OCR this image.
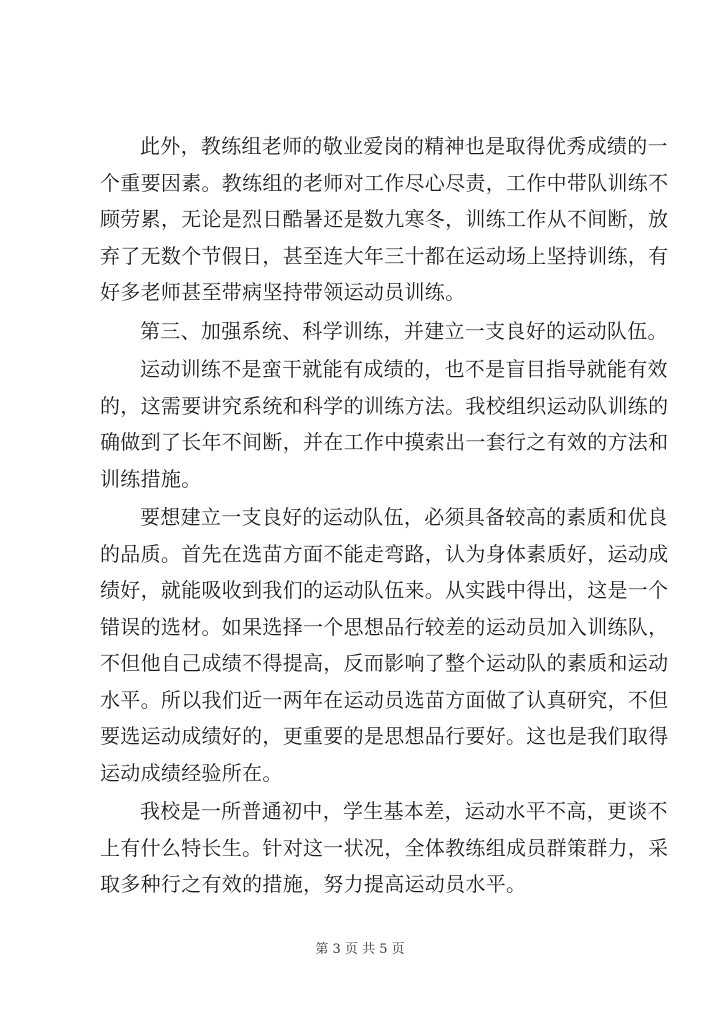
此外，教练组老师的敬业爱岗的精神也是取得优秀成绩的一
个重要因素。教练组的老师对工作尽心尽责，工作中带队训练不
顾劳累，无论是烈日酷暑还是数九寒冬，训练工作从不间断，放
弃了无数个节假日，甚至连大年三十都在运动场上坚持训练，有
好多老师甚至带病坚持带领运动员训练。
第三、加强系统、科学训练，并建立一支良好的运动队伍。
运动训练不是蛮干就能有成绩的，也不是盲目指导就能有效
的，这需要讲究系统和科学的训练方法。我校组织运动队训练的
确做到了长年不间断，并在工作中摸索出一套行之有效的方法和
训练措施。
要想建立一支良好的运动队伍，必须具备较高的素质和优良
的品质。首先在选苗方面不能走弯路，认为身体素质好，运动成
绩好，就能吸收到我们的运动队伍来。从实践中得出，这是一个
错误的选材。如果选择一个思想品行较差的运动员加入训练队，
不但他自己成绩不得提高，反而影响了整个运动队的素质和运动
水平。所以我们近一两年在运动员选苗方面做了认真研究，不但
要选运动成绩好的，更重要的是思想品行要好。这也是我们取得
运动成绩经验所在。
我校是一所普通初中，学生基本差，运动水平不高，更谈不
上有什么特长生。针对这一状况，全体教练组成员群策群力，采
取多种行之有效的措施，努力提高运动员水平。
第 3 页 共 5 页
